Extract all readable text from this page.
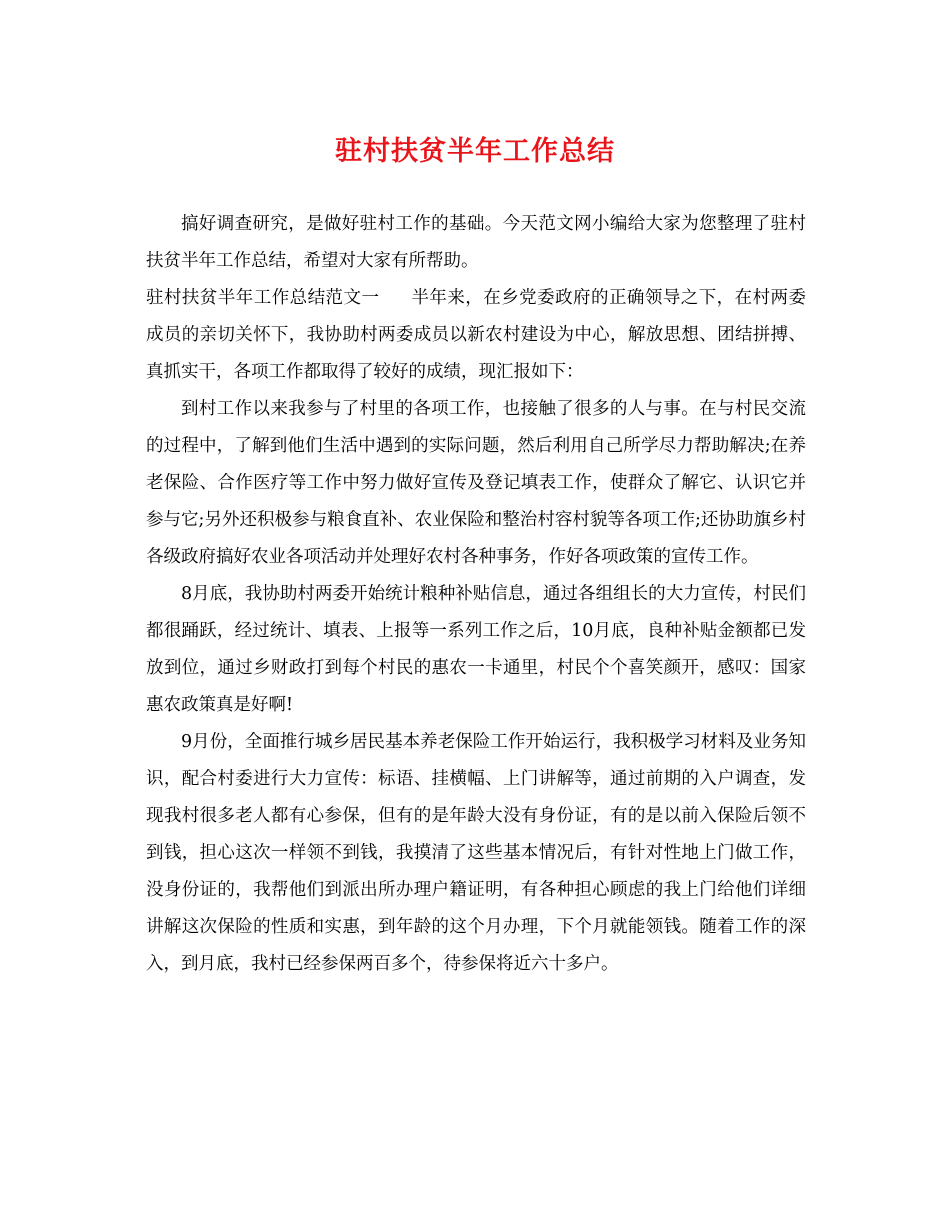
驻村扶贫半年工作总结

搞好调查研究，是做好驻村工作的基础。今天范文网小编给大家为您整理了驻村扶贫半年工作总结，希望对大家有所帮助。

驻村扶贫半年工作总结范文一 半年来，在乡党委政府的正确领导之下，在村两委成员的亲切关怀下，我协助村两委成员以新农村建设为中心，解放思想、团结拼搏、真抓实干，各项工作都取得了较好的成绩，现汇报如下：

到村工作以来我参与了村里的各项工作，也接触了很多的人与事。在与村民交流的过程中，了解到他们生活中遇到的实际问题，然后利用自己所学尽力帮助解决;在养老保险、合作医疗等工作中努力做好宣传及登记填表工作，使群众了解它、认识它并参与它;另外还积极参与粮食直补、农业保险和整治村容村貌等各项工作;还协助旗乡村各级政府搞好农业各项活动并处理好农村各种事务，作好各项政策的宣传工作。

8月底，我协助村两委开始统计粮种补贴信息，通过各组组长的大力宣传，村民们都很踊跃，经过统计、填表、上报等一系列工作之后，10月底，良种补贴金额都已发放到位，通过乡财政打到每个村民的惠农一卡通里，村民个个喜笑颜开，感叹：国家惠农政策真是好啊!

9月份，全面推行城乡居民基本养老保险工作开始运行，我积极学习材料及业务知识，配合村委进行大力宣传：标语、挂横幅、上门讲解等，通过前期的入户调查，发现我村很多老人都有心参保，但有的是年龄大没有身份证，有的是以前入保险后领不到钱，担心这次一样领不到钱，我摸清了这些基本情况后，有针对性地上门做工作，没身份证的，我帮他们到派出所办理户籍证明，有各种担心顾虑的我上门给他们详细讲解这次保险的性质和实惠，到年龄的这个月办理，下个月就能领钱。随着工作的深入，到月底，我村已经参保两百多个，待参保将近六十多户。
